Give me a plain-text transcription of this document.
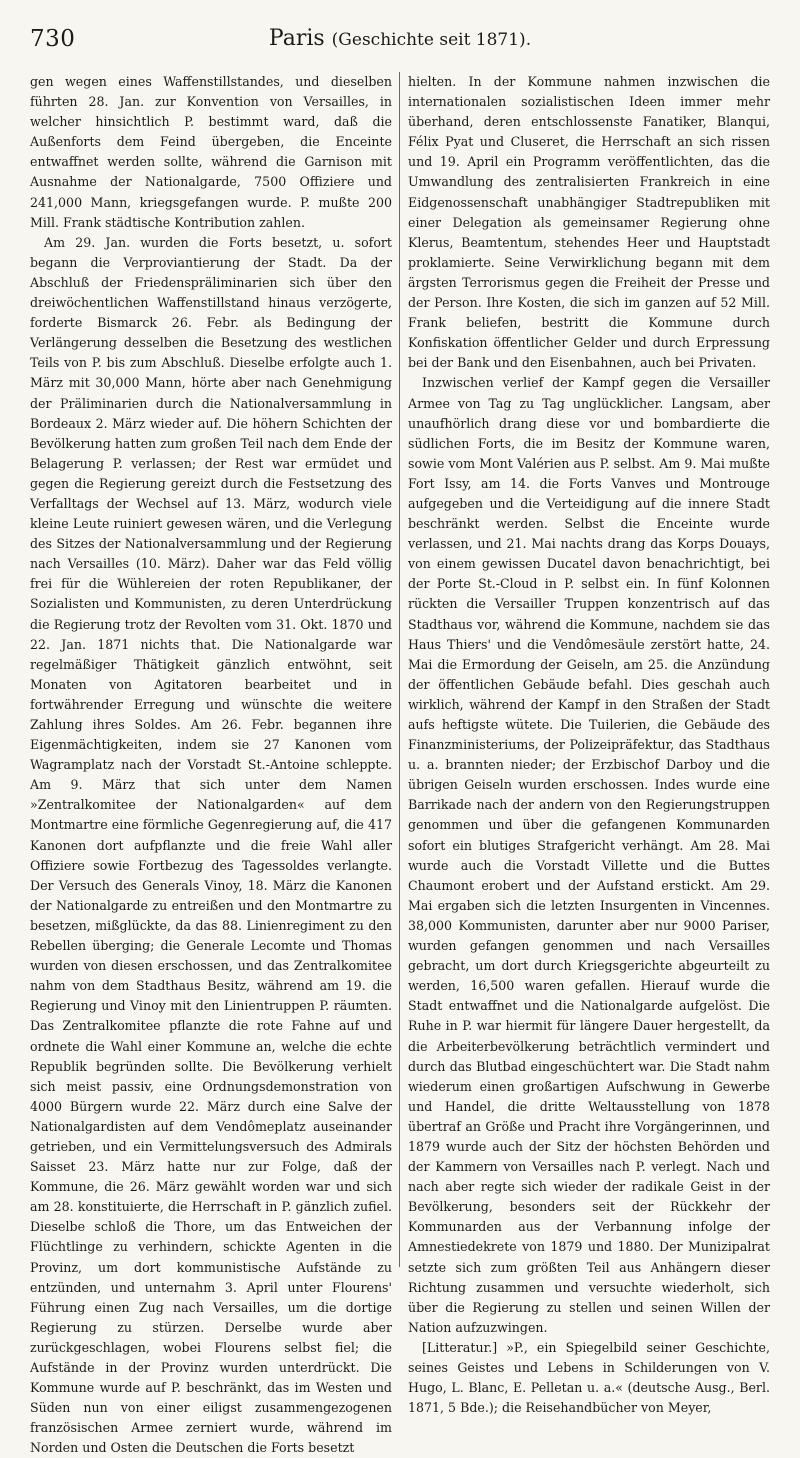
730	Paris (Geschichte seit 1871).

gen wegen eines Waffenstillstandes, und dieselben führten 28. Jan. zur Konvention von Versailles, in welcher hinsichtlich P. bestimmt ward, daß die Außenforts dem Feind übergeben, die Enceinte entwaffnet werden sollte, während die Garnison mit Ausnahme der Nationalgarde, 7500 Offiziere und 241,000 Mann, kriegsgefangen wurde. P. mußte 200 Mill. Frank städtische Kontribution zahlen.

Am 29. Jan. wurden die Forts besetzt, u. sofort begann die Verproviantierung der Stadt. Da der Abschluß der Friedenspräliminarien sich über den dreiwöchentlichen Waffenstillstand hinaus verzögerte, forderte Bismarck 26. Febr. als Bedingung der Verlängerung desselben die Besetzung des westlichen Teils von P. bis zum Abschluß. Dieselbe erfolgte auch 1. März mit 30,000 Mann, hörte aber nach Genehmigung der Präliminarien durch die Nationalversammlung in Bordeaux 2. März wieder auf. Die höhern Schichten der Bevölkerung hatten zum großen Teil nach dem Ende der Belagerung P. verlassen; der Rest war ermüdet und gegen die Regierung gereizt durch die Festsetzung des Verfalltags der Wechsel auf 13. März, wodurch viele kleine Leute ruiniert gewesen wären, und die Verlegung des Sitzes der Nationalversammlung und der Regierung nach Versailles (10. März). Daher war das Feld völlig frei für die Wühlereien der roten Republikaner, der Sozialisten und Kommunisten, zu deren Unterdrückung die Regierung trotz der Revolten vom 31. Okt. 1870 und 22. Jan. 1871 nichts that. Die Nationalgarde war regelmäßiger Thätigkeit gänzlich entwöhnt, seit Monaten von Agitatoren bearbeitet und in fortwährender Erregung und wünschte die weitere Zahlung ihres Soldes. Am 26. Febr. begannen ihre Eigenmächtigkeiten, indem sie 27 Kanonen vom Wagramplatz nach der Vorstadt St.-Antoine schleppte. Am 9. März that sich unter dem Namen »Zentralkomitee der Nationalgarden« auf dem Montmartre eine förmliche Gegenregierung auf, die 417 Kanonen dort aufpflanzte und die freie Wahl aller Offiziere sowie Fortbezug des Tagessoldes verlangte. Der Versuch des Generals Vinoy, 18. März die Kanonen der Nationalgarde zu entreißen und den Montmartre zu besetzen, mißglückte, da das 88. Linienregiment zu den Rebellen überging; die Generale Lecomte und Thomas wurden von diesen erschossen, und das Zentralkomitee nahm von dem Stadthaus Besitz, während am 19. die Regierung und Vinoy mit den Linientruppen P. räumten. Das Zentralkomitee pflanzte die rote Fahne auf und ordnete die Wahl einer Kommune an, welche die echte Republik begründen sollte. Die Bevölkerung verhielt sich meist passiv, eine Ordnungsdemonstration von 4000 Bürgern wurde 22. März durch eine Salve der Nationalgardisten auf dem Vendômeplatz auseinander getrieben, und ein Vermittelungsversuch des Admirals Saisset 23. März hatte nur zur Folge, daß der Kommune, die 26. März gewählt worden war und sich am 28. konstituierte, die Herrschaft in P. gänzlich zufiel. Dieselbe schloß die Thore, um das Entweichen der Flüchtlinge zu verhindern, schickte Agenten in die Provinz, um dort kommunistische Aufstände zu entzünden, und unternahm 3. April unter Flourens' Führung einen Zug nach Versailles, um die dortige Regierung zu stürzen. Derselbe wurde aber zurückgeschlagen, wobei Flourens selbst fiel; die Aufstände in der Provinz wurden unterdrückt. Die Kommune wurde auf P. beschränkt, das im Westen und Süden nun von einer eiligst zusammengezogenen französischen Armee zerniert wurde, während im Norden und Osten die Deutschen die Forts besetzt

hielten. In der Kommune nahmen inzwischen die internationalen sozialistischen Ideen immer mehr überhand, deren entschlossenste Fanatiker, Blanqui, Félix Pyat und Cluseret, die Herrschaft an sich rissen und 19. April ein Programm veröffentlichten, das die Umwandlung des zentralisierten Frankreich in eine Eidgenossenschaft unabhängiger Stadtrepubliken mit einer Delegation als gemeinsamer Regierung ohne Klerus, Beamtentum, stehendes Heer und Hauptstadt proklamierte. Seine Verwirklichung begann mit dem ärgsten Terrorismus gegen die Freiheit der Presse und der Person. Ihre Kosten, die sich im ganzen auf 52 Mill. Frank beliefen, bestritt die Kommune durch Konfiskation öffentlicher Gelder und durch Erpressung bei der Bank und den Eisenbahnen, auch bei Privaten.

Inzwischen verlief der Kampf gegen die Versailler Armee von Tag zu Tag unglücklicher. Langsam, aber unaufhörlich drang diese vor und bombardierte die südlichen Forts, die im Besitz der Kommune waren, sowie vom Mont Valérien aus P. selbst. Am 9. Mai mußte Fort Issy, am 14. die Forts Vanves und Montrouge aufgegeben und die Verteidigung auf die innere Stadt beschränkt werden. Selbst die Enceinte wurde verlassen, und 21. Mai nachts drang das Korps Douays, von einem gewissen Ducatel davon benachrichtigt, bei der Porte St.-Cloud in P. selbst ein. In fünf Kolonnen rückten die Versailler Truppen konzentrisch auf das Stadthaus vor, während die Kommune, nachdem sie das Haus Thiers' und die Vendômesäule zerstört hatte, 24. Mai die Ermordung der Geiseln, am 25. die Anzündung der öffentlichen Gebäude befahl. Dies geschah auch wirklich, während der Kampf in den Straßen der Stadt aufs heftigste wütete. Die Tuilerien, die Gebäude des Finanzministeriums, der Polizeipräfektur, das Stadthaus u. a. brannten nieder; der Erzbischof Darboy und die übrigen Geiseln wurden erschossen. Indes wurde eine Barrikade nach der andern von den Regierungstruppen genommen und über die gefangenen Kommunarden sofort ein blutiges Strafgericht verhängt. Am 28. Mai wurde auch die Vorstadt Villette und die Buttes Chaumont erobert und der Aufstand erstickt. Am 29. Mai ergaben sich die letzten Insurgenten in Vincennes. 38,000 Kommunisten, darunter aber nur 9000 Pariser, wurden gefangen genommen und nach Versailles gebracht, um dort durch Kriegsgerichte abgeurteilt zu werden, 16,500 waren gefallen. Hierauf wurde die Stadt entwaffnet und die Nationalgarde aufgelöst. Die Ruhe in P. war hiermit für längere Dauer hergestellt, da die Arbeiterbevölkerung beträchtlich vermindert und durch das Blutbad eingeschüchtert war. Die Stadt nahm wiederum einen großartigen Aufschwung in Gewerbe und Handel, die dritte Weltausstellung von 1878 übertraf an Größe und Pracht ihre Vorgängerinnen, und 1879 wurde auch der Sitz der höchsten Behörden und der Kammern von Versailles nach P. verlegt. Nach und nach aber regte sich wieder der radikale Geist in der Bevölkerung, besonders seit der Rückkehr der Kommunarden aus der Verbannung infolge der Amnestiedekrete von 1879 und 1880. Der Munizipalrat setzte sich zum größten Teil aus Anhängern dieser Richtung zusammen und versuchte wiederholt, sich über die Regierung zu stellen und seinen Willen der Nation aufzuzwingen.

[Litteratur.] »P., ein Spiegelbild seiner Geschichte, seines Geistes und Lebens in Schilderungen von V. Hugo, L. Blanc, E. Pelletan u. a.« (deutsche Ausg., Berl. 1871, 5 Bde.); die Reisehandbücher von Meyer,
